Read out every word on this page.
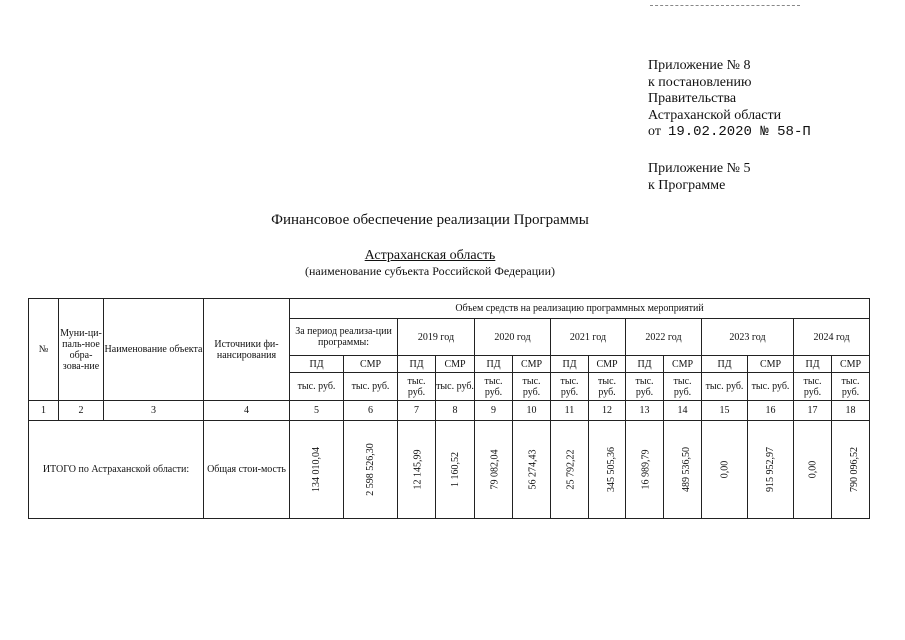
Приложение № 8
к постановлению
Правительства
Астраханской области
от 19.02.2020 № 58-П
Приложение № 5
к Программе
Финансовое обеспечение реализации Программы
Астраханская область
(наименование субъекта Российской Федерации)
№	Муни-ци-паль-ное обра-зова-ние	Наименование объекта	Источники фи-нансирования	Объем средств на реализацию программных мероприятий													
				За период реализа-ции программы:		2019 год		2020 год		2021 год		2022 год		2023 год		2024 год	
				ПД	СМР	ПД	СМР	ПД	СМР	ПД	СМР	ПД	СМР	ПД	СМР	ПД	СМР
				тыс. руб.	тыс. руб.	тыс. руб.	тыс. руб.	тыс. руб.	тыс. руб.	тыс. руб.	тыс. руб.	тыс. руб.	тыс. руб.	тыс. руб.	тыс. руб.	тыс. руб.	тыс. руб.
1	2	3	4	5	6	7	8	9	10	11	12	13	14	15	16	17	18
ИТОГО по Астраханской области:			Общая стои-мость	134 010,04	2 598 526,30	12 145,99	1 160,52	79 082,04	56 274,43	25 792,22	345 505,36	16 989,79	489 536,50	0,00	915 952,97	0,00	790 096,52
